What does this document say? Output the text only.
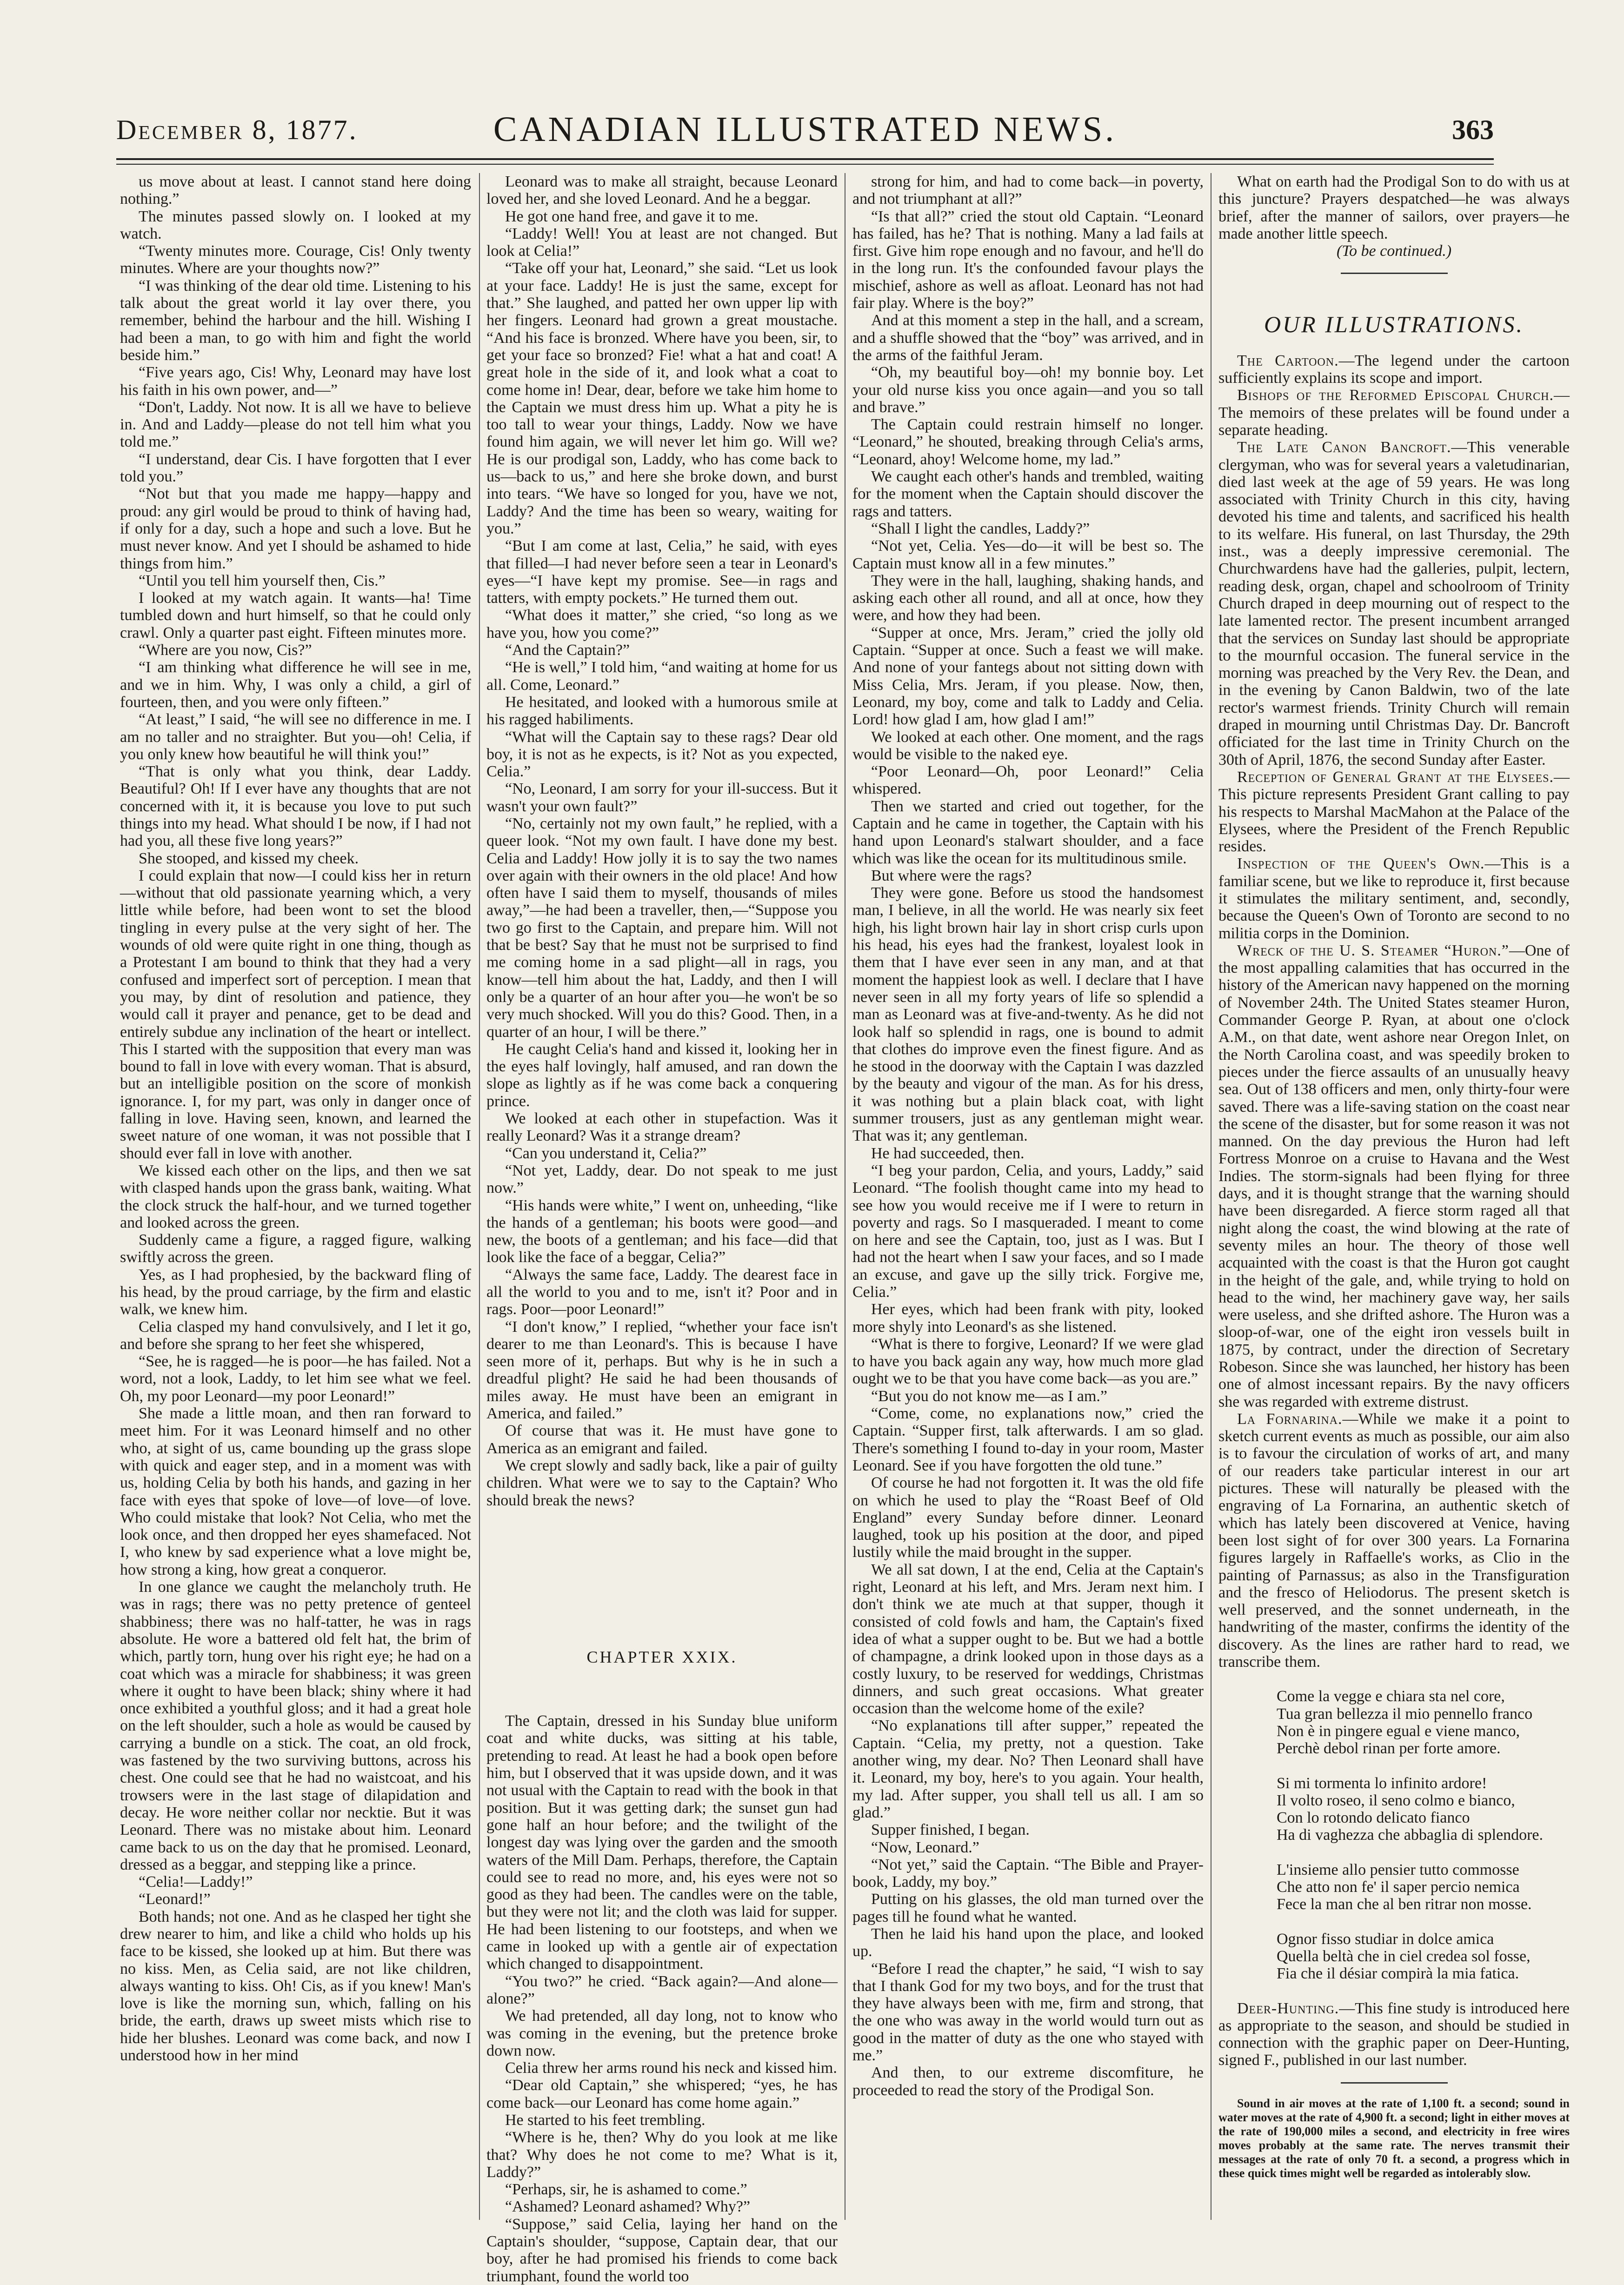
December 8, 1877.	CANADIAN ILLUSTRATED NEWS.	363

us move about at least. I cannot stand here doing nothing.”

The minutes passed slowly on. I looked at my watch.

“Twenty minutes more. Courage, Cis! Only twenty minutes. Where are your thoughts now?”

“I was thinking of the dear old time. Listening to his talk about the great world it lay over there, you remember, behind the harbour and the hill. Wishing I had been a man, to go with him and fight the world beside him.”

“Five years ago, Cis! Why, Leonard may have lost his faith in his own power, and—”

“Don't, Laddy. Not now. It is all we have to believe in. And and Laddy—please do not tell him what you told me.”

“I understand, dear Cis. I have forgotten that I ever told you.”

“Not but that you made me happy—happy and proud: any girl would be proud to think of having had, if only for a day, such a hope and such a love. But he must never know. And yet I should be ashamed to hide things from him.”

“Until you tell him yourself then, Cis.”

I looked at my watch again. It wants—ha! Time tumbled down and hurt himself, so that he could only crawl. Only a quarter past eight. Fifteen minutes more.

“Where are you now, Cis?”

“I am thinking what difference he will see in me, and we in him. Why, I was only a child, a girl of fourteen, then, and you were only fifteen.”

“At least,” I said, “he will see no difference in me. I am no taller and no straighter. But you—oh! Celia, if you only knew how beautiful he will think you!”

“That is only what you think, dear Laddy. Beautiful? Oh! If I ever have any thoughts that are not concerned with it, it is because you love to put such things into my head. What should I be now, if I had not had you, all these five long years?”

She stooped, and kissed my cheek.

I could explain that now—I could kiss her in return—without that old passionate yearning which, a very little while before, had been wont to set the blood tingling in every pulse at the very sight of her. The wounds of old were quite right in one thing, though as a Protestant I am bound to think that they had a very confused and imperfect sort of perception. I mean that you may, by dint of resolution and patience, they would call it prayer and penance, get to be dead and entirely subdue any inclination of the heart or intellect. This I started with the supposition that every man was bound to fall in love with every woman. That is absurd, but an intelligible position on the score of monkish ignorance. I, for my part, was only in danger once of falling in love. Having seen, known, and learned the sweet nature of one woman, it was not possible that I should ever fall in love with another.

We kissed each other on the lips, and then we sat with clasped hands upon the grass bank, waiting. What the clock struck the half-hour, and we turned together and looked across the green.

Suddenly came a figure, a ragged figure, walking swiftly across the green.

Yes, as I had prophesied, by the backward fling of his head, by the proud carriage, by the firm and elastic walk, we knew him.

Celia clasped my hand convulsively, and I let it go, and before she sprang to her feet she whispered,

“See, he is ragged—he is poor—he has failed. Not a word, not a look, Laddy, to let him see what we feel. Oh, my poor Leonard—my poor Leonard!”

She made a little moan, and then ran forward to meet him. For it was Leonard himself and no other who, at sight of us, came bounding up the grass slope with quick and eager step, and in a moment was with us, holding Celia by both his hands, and gazing in her face with eyes that spoke of love—of love—of love. Who could mistake that look? Not Celia, who met the look once, and then dropped her eyes shamefaced. Not I, who knew by sad experience what a love might be, how strong a king, how great a conqueror.

In one glance we caught the melancholy truth. He was in rags; there was no petty pretence of genteel shabbiness; there was no half-tatter, he was in rags absolute. He wore a battered old felt hat, the brim of which, partly torn, hung over his right eye; he had on a coat which was a miracle for shabbiness; it was green where it ought to have been black; shiny where it had once exhibited a youthful gloss; and it had a great hole on the left shoulder, such a hole as would be caused by carrying a bundle on a stick. The coat, an old frock, was fastened by the two surviving buttons, across his chest. One could see that he had no waistcoat, and his trowsers were in the last stage of dilapidation and decay. He wore neither collar nor necktie. But it was Leonard. There was no mistake about him. Leonard came back to us on the day that he promised. Leonard, dressed as a beggar, and stepping like a prince.

“Celia!—Laddy!”

“Leonard!”

Both hands; not one. And as he clasped her tight she drew nearer to him, and like a child who holds up his face to be kissed, she looked up at him. But there was no kiss. Men, as Celia said, are not like children, always wanting to kiss. Oh! Cis, as if you knew! Man's love is like the morning sun, which, falling on his bride, the earth, draws up sweet mists which rise to hide her blushes. Leonard was come back, and now I understood how in her mind

Leonard was to make all straight, because Leonard loved her, and she loved Leonard. And he a beggar.

He got one hand free, and gave it to me.

“Laddy! Well! You at least are not changed. But look at Celia!”

“Take off your hat, Leonard,” she said. “Let us look at your face. Laddy! He is just the same, except for that.” She laughed, and patted her own upper lip with her fingers. Leonard had grown a great moustache. “And his face is bronzed. Where have you been, sir, to get your face so bronzed? Fie! what a hat and coat! A great hole in the side of it, and look what a coat to come home in! Dear, dear, before we take him home to the Captain we must dress him up. What a pity he is too tall to wear your things, Laddy. Now we have found him again, we will never let him go. Will we? He is our prodigal son, Laddy, who has come back to us—back to us,” and here she broke down, and burst into tears. “We have so longed for you, have we not, Laddy? And the time has been so weary, waiting for you.”

“But I am come at last, Celia,” he said, with eyes that filled—I had never before seen a tear in Leonard's eyes—“I have kept my promise. See—in rags and tatters, with empty pockets.” He turned them out.

“What does it matter,” she cried, “so long as we have you, how you come?”

“And the Captain?”

“He is well,” I told him, “and waiting at home for us all. Come, Leonard.”

He hesitated, and looked with a humorous smile at his ragged habiliments.

“What will the Captain say to these rags? Dear old boy, it is not as he expects, is it? Not as you expected, Celia.”

“No, Leonard, I am sorry for your ill-success. But it wasn't your own fault?”

“No, certainly not my own fault,” he replied, with a queer look. “Not my own fault. I have done my best. Celia and Laddy! How jolly it is to say the two names over again with their owners in the old place! And how often have I said them to myself, thousands of miles away,”—he had been a traveller, then,—“Suppose you two go first to the Captain, and prepare him. Will not that be best? Say that he must not be surprised to find me coming home in a sad plight—all in rags, you know—tell him about the hat, Laddy, and then I will only be a quarter of an hour after you—he won't be so very much shocked. Will you do this? Good. Then, in a quarter of an hour, I will be there.”

He caught Celia's hand and kissed it, looking her in the eyes half lovingly, half amused, and ran down the slope as lightly as if he was come back a conquering prince.

We looked at each other in stupefaction. Was it really Leonard? Was it a strange dream?

“Can you understand it, Celia?”

“Not yet, Laddy, dear. Do not speak to me just now.”

“His hands were white,” I went on, unheeding, “like the hands of a gentleman; his boots were good—and new, the boots of a gentleman; and his face—did that look like the face of a beggar, Celia?”

“Always the same face, Laddy. The dearest face in all the world to you and to me, isn't it? Poor and in rags. Poor—poor Leonard!”

“I don't know,” I replied, “whether your face isn't dearer to me than Leonard's. This is because I have seen more of it, perhaps. But why is he in such a dreadful plight? He said he had been thousands of miles away. He must have been an emigrant in America, and failed.”

Of course that was it. He must have gone to America as an emigrant and failed.

We crept slowly and sadly back, like a pair of guilty children. What were we to say to the Captain? Who should break the news?

CHAPTER XXIX.

The Captain, dressed in his Sunday blue uniform coat and white ducks, was sitting at his table, pretending to read. At least he had a book open before him, but I observed that it was upside down, and it was not usual with the Captain to read with the book in that position. But it was getting dark; the sunset gun had gone half an hour before; and the twilight of the longest day was lying over the garden and the smooth waters of the Mill Dam. Perhaps, therefore, the Captain could see to read no more, and, his eyes were not so good as they had been. The candles were on the table, but they were not lit; and the cloth was laid for supper. He had been listening to our footsteps, and when we came in looked up with a gentle air of expectation which changed to disappointment.

“You two?” he cried. “Back again?—And alone—alone?”

We had pretended, all day long, not to know who was coming in the evening, but the pretence broke down now.

Celia threw her arms round his neck and kissed him.

“Dear old Captain,” she whispered; “yes, he has come back—our Leonard has come home again.”

He started to his feet trembling.

“Where is he, then? Why do you look at me like that? Why does he not come to me? What is it, Laddy?”

“Perhaps, sir, he is ashamed to come.”

“Ashamed? Leonard ashamed? Why?”

“Suppose,” said Celia, laying her hand on the Captain's shoulder, “suppose, Captain dear, that our boy, after he had promised his friends to come back triumphant, found the world too

strong for him, and had to come back—in poverty, and not triumphant at all?”

“Is that all?” cried the stout old Captain. “Leonard has failed, has he? That is nothing. Many a lad fails at first. Give him rope enough and no favour, and he'll do in the long run. It's the confounded favour plays the mischief, ashore as well as afloat. Leonard has not had fair play. Where is the boy?”

And at this moment a step in the hall, and a scream, and a shuffle showed that the “boy” was arrived, and in the arms of the faithful Jeram.

“Oh, my beautiful boy—oh! my bonnie boy. Let your old nurse kiss you once again—and you so tall and brave.”

The Captain could restrain himself no longer. “Leonard,” he shouted, breaking through Celia's arms, “Leonard, ahoy! Welcome home, my lad.”

We caught each other's hands and trembled, waiting for the moment when the Captain should discover the rags and tatters.

“Shall I light the candles, Laddy?”

“Not yet, Celia. Yes—do—it will be best so. The Captain must know all in a few minutes.”

They were in the hall, laughing, shaking hands, and asking each other all round, and all at once, how they were, and how they had been.

“Supper at once, Mrs. Jeram,” cried the jolly old Captain. “Supper at once. Such a feast we will make. And none of your fantegs about not sitting down with Miss Celia, Mrs. Jeram, if you please. Now, then, Leonard, my boy, come and talk to Laddy and Celia. Lord! how glad I am, how glad I am!”

We looked at each other. One moment, and the rags would be visible to the naked eye.

“Poor Leonard—Oh, poor Leonard!” Celia whispered.

Then we started and cried out together, for the Captain and he came in together, the Captain with his hand upon Leonard's stalwart shoulder, and a face which was like the ocean for its multitudinous smile.

But where were the rags?

They were gone. Before us stood the handsomest man, I believe, in all the world. He was nearly six feet high, his light brown hair lay in short crisp curls upon his head, his eyes had the frankest, loyalest look in them that I have ever seen in any man, and at that moment the happiest look as well. I declare that I have never seen in all my forty years of life so splendid a man as Leonard was at five-and-twenty. As he did not look half so splendid in rags, one is bound to admit that clothes do improve even the finest figure. And as he stood in the doorway with the Captain I was dazzled by the beauty and vigour of the man. As for his dress, it was nothing but a plain black coat, with light summer trousers, just as any gentleman might wear. That was it; any gentleman.

He had succeeded, then.

“I beg your pardon, Celia, and yours, Laddy,” said Leonard. “The foolish thought came into my head to see how you would receive me if I were to return in poverty and rags. So I masqueraded. I meant to come on here and see the Captain, too, just as I was. But I had not the heart when I saw your faces, and so I made an excuse, and gave up the silly trick. Forgive me, Celia.”

Her eyes, which had been frank with pity, looked more shyly into Leonard's as she listened.

“What is there to forgive, Leonard? If we were glad to have you back again any way, how much more glad ought we to be that you have come back—as you are.”

“But you do not know me—as I am.”

“Come, come, no explanations now,” cried the Captain. “Supper first, talk afterwards. I am so glad. There's something I found to-day in your room, Master Leonard. See if you have forgotten the old tune.”

Of course he had not forgotten it. It was the old fife on which he used to play the “Roast Beef of Old England” every Sunday before dinner. Leonard laughed, took up his position at the door, and piped lustily while the maid brought in the supper.

We all sat down, I at the end, Celia at the Captain's right, Leonard at his left, and Mrs. Jeram next him. I don't think we ate much at that supper, though it consisted of cold fowls and ham, the Captain's fixed idea of what a supper ought to be. But we had a bottle of champagne, a drink looked upon in those days as a costly luxury, to be reserved for weddings, Christmas dinners, and such great occasions. What greater occasion than the welcome home of the exile?

“No explanations till after supper,” repeated the Captain. “Celia, my pretty, not a question. Take another wing, my dear. No? Then Leonard shall have it. Leonard, my boy, here's to you again. Your health, my lad. After supper, you shall tell us all. I am so glad.”

Supper finished, I began.

“Now, Leonard.”

“Not yet,” said the Captain. “The Bible and Prayer-book, Laddy, my boy.”

Putting on his glasses, the old man turned over the pages till he found what he wanted.

Then he laid his hand upon the place, and looked up.

“Before I read the chapter,” he said, “I wish to say that I thank God for my two boys, and for the trust that they have always been with me, firm and strong, that the one who was away in the world would turn out as good in the matter of duty as the one who stayed with me.”

And then, to our extreme discomfiture, he proceeded to read the story of the Prodigal Son.

What on earth had the Prodigal Son to do with us at this juncture? Prayers despatched—he was always brief, after the manner of sailors, over prayers—he made another little speech.

(To be continued.)

OUR ILLUSTRATIONS.

The Cartoon.—The legend under the cartoon sufficiently explains its scope and import.

Bishops of the Reformed Episcopal Church.—The memoirs of these prelates will be found under a separate heading.

The Late Canon Bancroft.—This venerable clergyman, who was for several years a valetudinarian, died last week at the age of 59 years. He was long associated with Trinity Church in this city, having devoted his time and talents, and sacrificed his health to its welfare. His funeral, on last Thursday, the 29th inst., was a deeply impressive ceremonial. The Churchwardens have had the galleries, pulpit, lectern, reading desk, organ, chapel and schoolroom of Trinity Church draped in deep mourning out of respect to the late lamented rector. The present incumbent arranged that the services on Sunday last should be appropriate to the mournful occasion. The funeral service in the morning was preached by the Very Rev. the Dean, and in the evening by Canon Baldwin, two of the late rector's warmest friends. Trinity Church will remain draped in mourning until Christmas Day. Dr. Bancroft officiated for the last time in Trinity Church on the 30th of April, 1876, the second Sunday after Easter.

Reception of General Grant at the Elysees.—This picture represents President Grant calling to pay his respects to Marshal MacMahon at the Palace of the Elysees, where the President of the French Republic resides.

Inspection of the Queen's Own.—This is a familiar scene, but we like to reproduce it, first because it stimulates the military sentiment, and, secondly, because the Queen's Own of Toronto are second to no militia corps in the Dominion.

Wreck of the U. S. Steamer “Huron.”—One of the most appalling calamities that has occurred in the history of the American navy happened on the morning of November 24th. The United States steamer Huron, Commander George P. Ryan, at about one o'clock A.M., on that date, went ashore near Oregon Inlet, on the North Carolina coast, and was speedily broken to pieces under the fierce assaults of an unusually heavy sea. Out of 138 officers and men, only thirty-four were saved. There was a life-saving station on the coast near the scene of the disaster, but for some reason it was not manned. On the day previous the Huron had left Fortress Monroe on a cruise to Havana and the West Indies. The storm-signals had been flying for three days, and it is thought strange that the warning should have been disregarded. A fierce storm raged all that night along the coast, the wind blowing at the rate of seventy miles an hour. The theory of those well acquainted with the coast is that the Huron got caught in the height of the gale, and, while trying to hold on head to the wind, her machinery gave way, her sails were useless, and she drifted ashore. The Huron was a sloop-of-war, one of the eight iron vessels built in 1875, by contract, under the direction of Secretary Robeson. Since she was launched, her history has been one of almost incessant repairs. By the navy officers she was regarded with extreme distrust.

La Fornarina.—While we make it a point to sketch current events as much as possible, our aim also is to favour the circulation of works of art, and many of our readers take particular interest in our art pictures. These will naturally be pleased with the engraving of La Fornarina, an authentic sketch of which has lately been discovered at Venice, having been lost sight of for over 300 years. La Fornarina figures largely in Raffaelle's works, as Clio in the painting of Parnassus; as also in the Transfiguration and the fresco of Heliodorus. The present sketch is well preserved, and the sonnet underneath, in the handwriting of the master, confirms the identity of the discovery. As the lines are rather hard to read, we transcribe them.

Come la vegge e chiara sta nel core,

Tua gran bellezza il mio pennello franco

Non è in pingere egual e viene manco,

Perchè debol rinan per forte amore.

Si mi tormenta lo infinito ardore!

Il volto roseo, il seno colmo e bianco,

Con lo rotondo delicato fianco

Ha di vaghezza che abbaglia di splendore.

L'insieme allo pensier tutto commosse

Che atto non fe' il saper percio nemica

Fece la man che al ben ritrar non mosse.

Ognor fisso studiar in dolce amica

Quella beltà che in ciel credea sol fosse,

Fia che il désiar compirà la mia fatica.

Deer-Hunting.—This fine study is introduced here as appropriate to the season, and should be studied in connection with the graphic paper on Deer-Hunting, signed F., published in our last number.

Sound in air moves at the rate of 1,100 ft. a second; sound in water moves at the rate of 4,900 ft. a second; light in either moves at the rate of 190,000 miles a second, and electricity in free wires moves probably at the same rate. The nerves transmit their messages at the rate of only 70 ft. a second, a progress which in these quick times might well be regarded as intolerably slow.
